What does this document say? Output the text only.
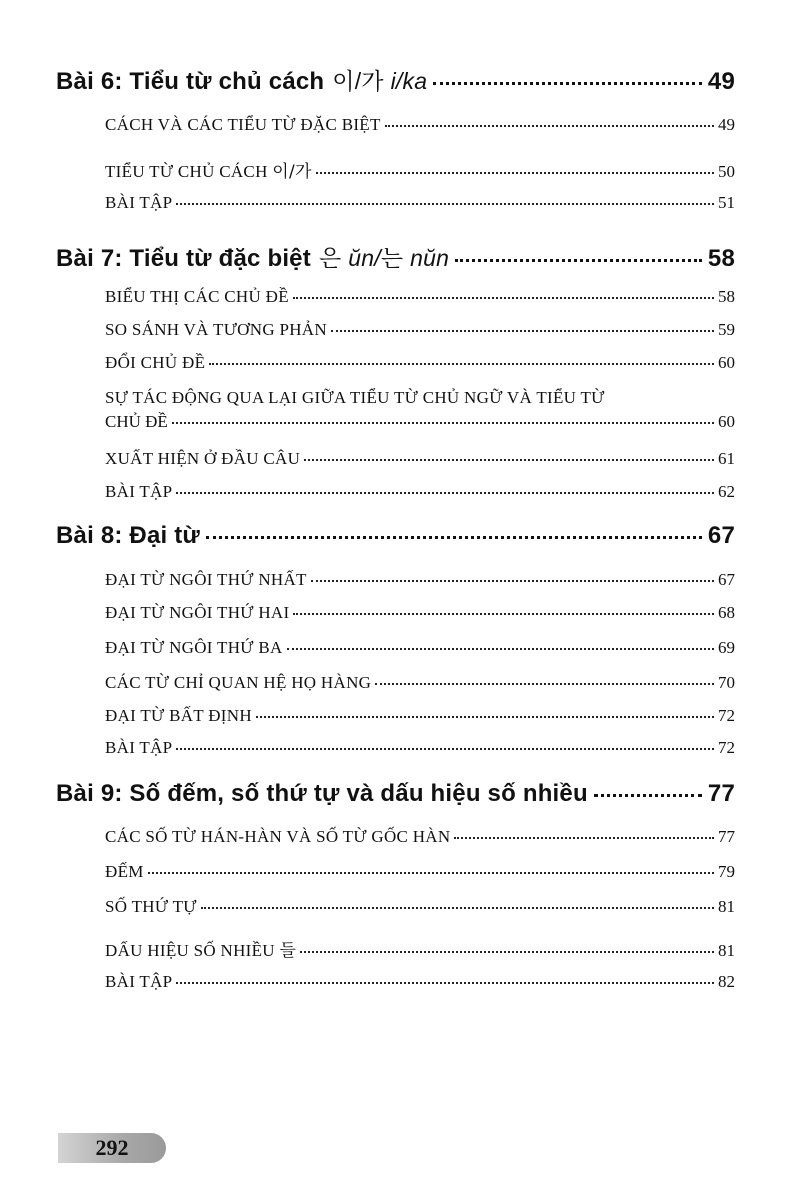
Bài 6: Tiểu từ chủ cách 이/가 i/ka	49
CÁCH VÀ CÁC TIỂU TỪ ĐẶC BIỆT	49
TIỂU TỪ CHỦ CÁCH 이/가	50
BÀI TẬP	51
Bài 7: Tiểu từ đặc biệt 은 ŭn/는 nŭn	58
BIỂU THỊ CÁC CHỦ ĐỀ	58
SO SÁNH VÀ TƯƠNG PHẢN	59
ĐỔI CHỦ ĐỀ	60
SỰ TÁC ĐỘNG QUA LẠI GIỮA TIỂU TỪ CHỦ NGỮ VÀ TIỂU TỪ
CHỦ ĐỀ	60
XUẤT HIỆN Ở ĐẦU CÂU	61
BÀI TẬP	62
Bài 8: Đại từ	67
ĐẠI TỪ NGÔI THỨ NHẤT	67
ĐẠI TỪ NGÔI THỨ HAI	68
ĐẠI TỪ NGÔI THỨ BA	69
CÁC TỪ CHỈ QUAN HỆ HỌ HÀNG	70
ĐẠI TỪ BẤT ĐỊNH	72
BÀI TẬP	72
Bài 9: Số đếm, số thứ tự và dấu hiệu số nhiều	77
CÁC SỐ TỪ HÁN-HÀN VÀ SỐ TỪ GỐC HÀN	77
ĐẾM	79
SỐ THỨ TỰ	81
DẤU HIỆU SỐ NHIỀU 들	81
BÀI TẬP	82
292
